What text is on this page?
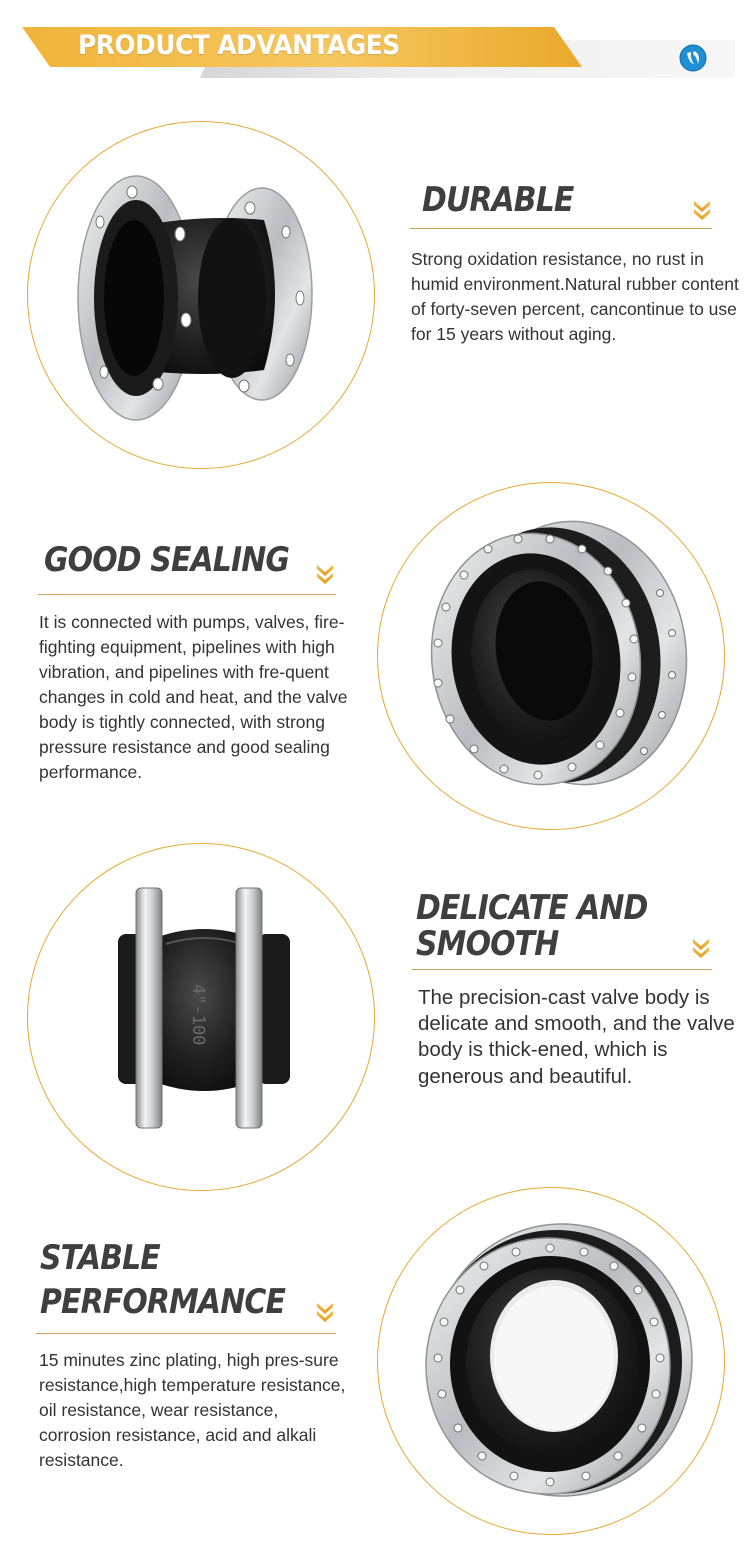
PRODUCT ADVANTAGES
DURABLE

Strong oxidation resistance, no rust in humid environment.Natural rubber content of forty-seven percent, cancontinue to use for 15 years without aging.

GOOD SEALING

It is connected with pumps, valves, fire-fighting equipment, pipelines with high vibration, and pipelines with fre-quent changes in cold and heat, and the valve body is tightly connected, with strong pressure resistance and good sealing performance.

4"-100
DELICATE AND
SMOOTH

The precision-cast valve body is delicate and smooth, and the valve body is thick-ened, which is generous and beautiful.

STABLE
PERFORMANCE

15 minutes zinc plating, high pres-sure resistance,high temperature resistance, oil resistance, wear resistance, corrosion resistance, acid and alkali resistance.
